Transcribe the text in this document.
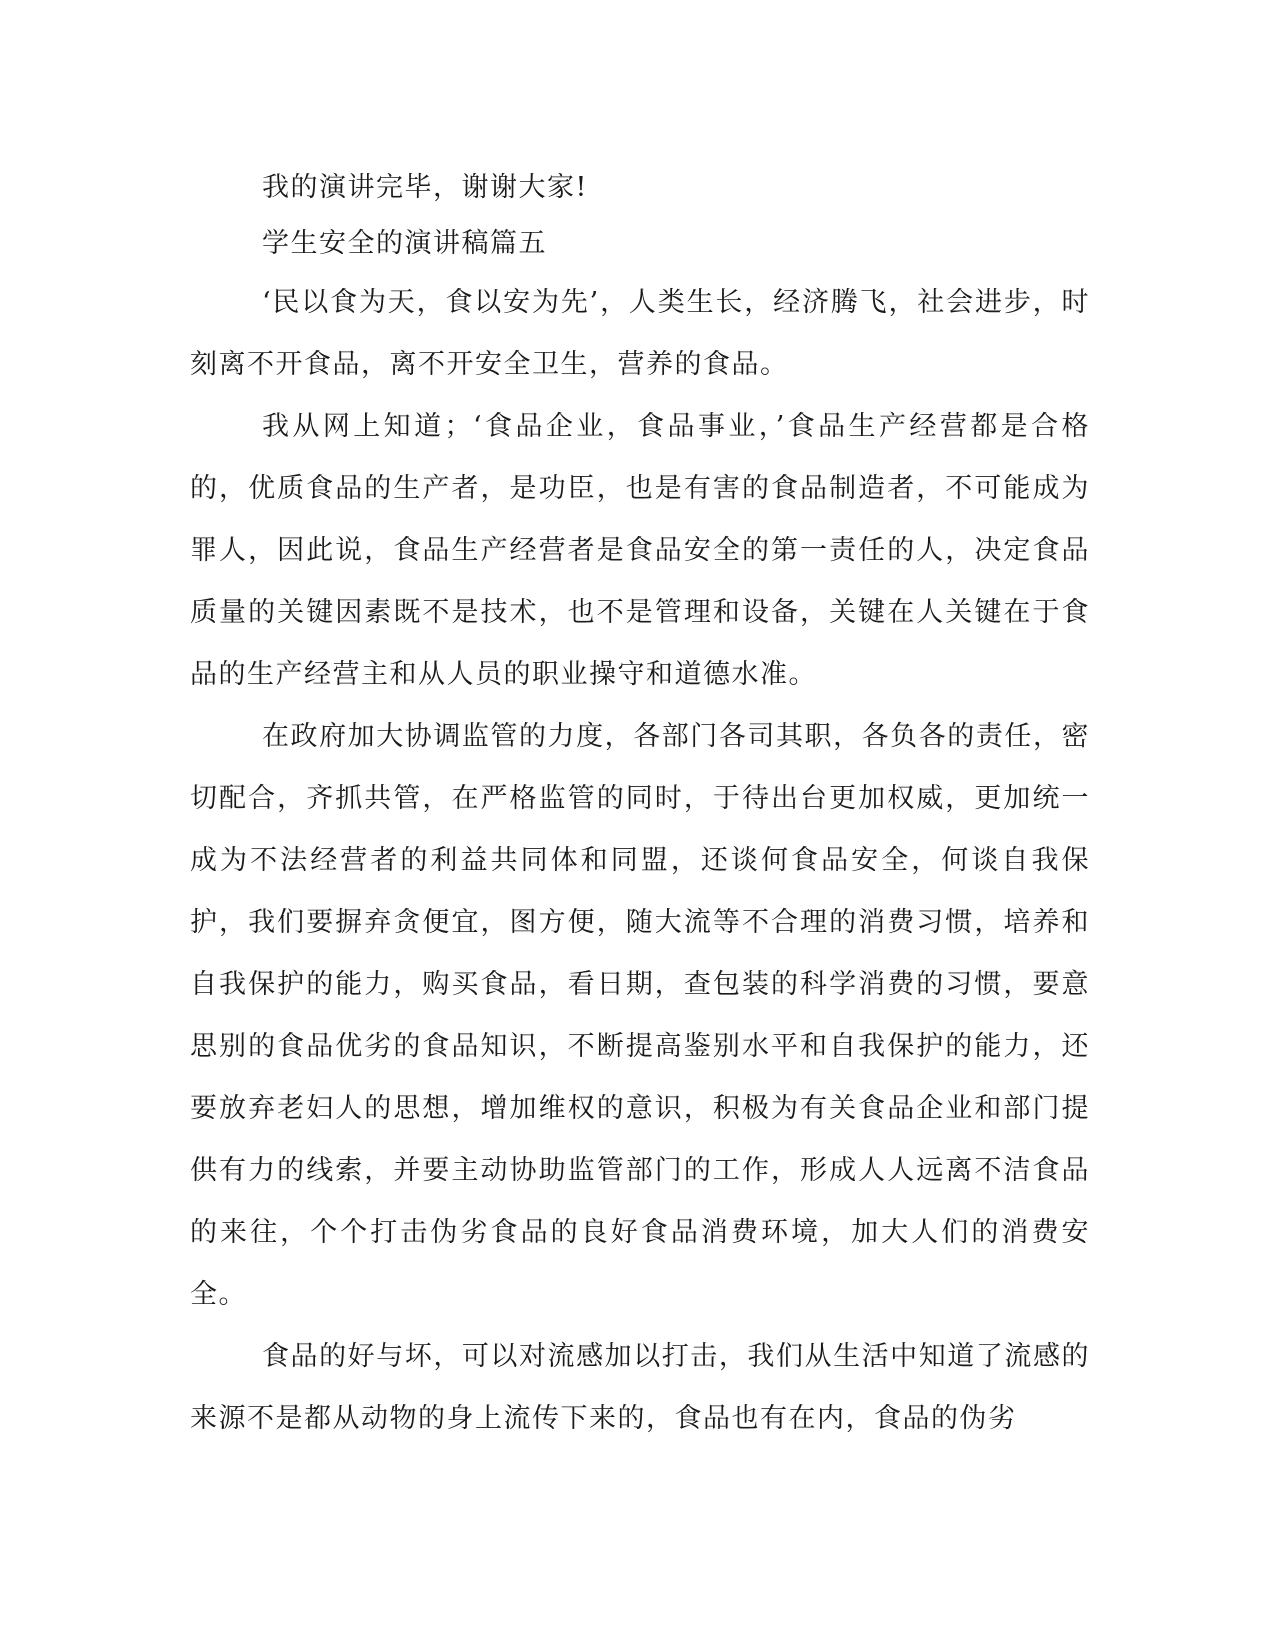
我的演讲完毕，谢谢大家!

学生安全的演讲稿篇五

‘民以食为天，食以安为先’，人类生长，经济腾飞，社会进步，时刻离不开食品，离不开安全卫生，营养的食品。

我从网上知道；‘食品企业，食品事业，’食品生产经营都是合格的，优质食品的生产者，是功臣，也是有害的食品制造者，不可能成为罪人，因此说，食品生产经营者是食品安全的第一责任的人，决定食品质量的关键因素既不是技术，也不是管理和设备，关键在人关键在于食品的生产经营主和从人员的职业操守和道德水准。

在政府加大协调监管的力度，各部门各司其职，各负各的责任，密切配合，齐抓共管，在严格监管的同时，于待出台更加权威，更加统一成为不法经营者的利益共同体和同盟，还谈何食品安全，何谈自我保护，我们要摒弃贪便宜，图方便，随大流等不合理的消费习惯，培养和自我保护的能力，购买食品，看日期，查包装的科学消费的习惯，要意思别的食品优劣的食品知识，不断提高鉴别水平和自我保护的能力，还要放弃老妇人的思想，增加维权的意识，积极为有关食品企业和部门提供有力的线索，并要主动协助监管部门的工作，形成人人远离不洁食品的来往，个个打击伪劣食品的良好食品消费环境，加大人们的消费安全。

食品的好与坏，可以对流感加以打击，我们从生活中知道了流感的来源不是都从动物的身上流传下来的，食品也有在内，食品的伪劣
